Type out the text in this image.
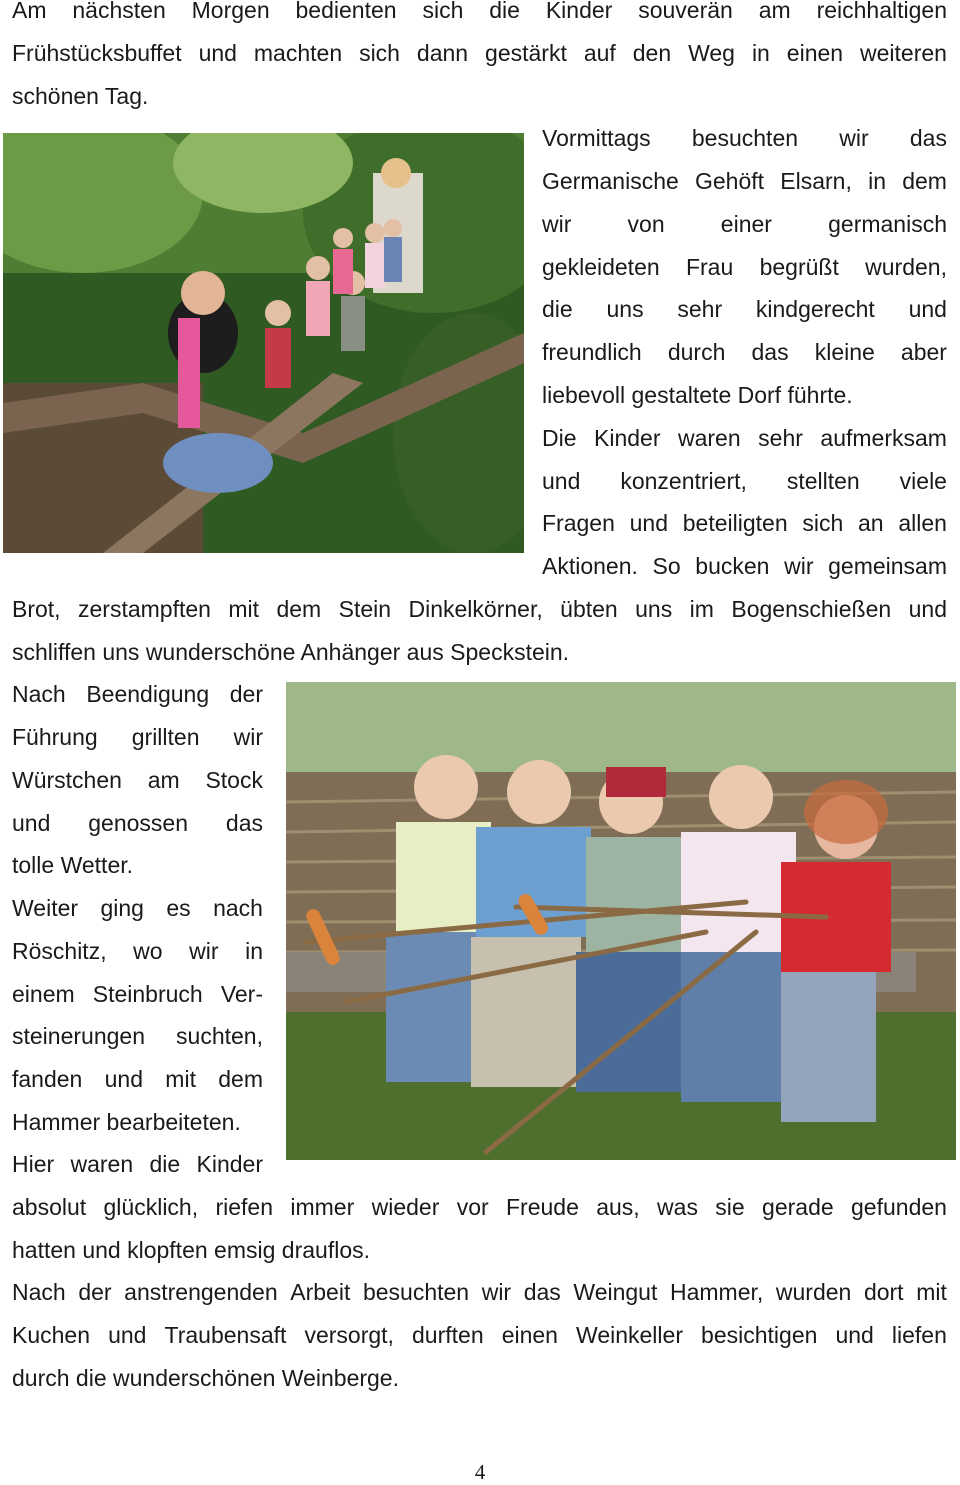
Am nächsten Morgen bedienten sich die Kinder souverän am reichhaltigen
Frühstücksbuffet und machten sich dann gestärkt auf den Weg in einen weiteren
schönen Tag.
Vormittags besuchten wir das
Germanische Gehöft Elsarn, in dem
wir von einer germanisch
gekleideten Frau begrüßt wurden,
die uns sehr kindgerecht und
freundlich durch das kleine aber
liebevoll gestaltete Dorf führte.
Die Kinder waren sehr aufmerksam
und konzentriert, stellten viele
Fragen und beteiligten sich an allen
Aktionen. So bucken wir gemeinsam
Brot, zerstampften mit dem Stein Dinkelkörner, übten uns im Bogenschießen und
schliffen uns wunderschöne Anhänger aus Speckstein.
Nach Beendigung der
Führung grillten wir
Würstchen am Stock
und genossen das
tolle Wetter.
Weiter ging es nach
Röschitz, wo wir in
einem Steinbruch Ver-
steinerungen suchten,
fanden und mit dem
Hammer bearbeiteten.
Hier waren die Kinder
absolut glücklich, riefen immer wieder vor Freude aus, was sie gerade gefunden
hatten und klopften emsig drauflos.
Nach der anstrengenden Arbeit besuchten wir das Weingut Hammer, wurden dort mit
Kuchen und Traubensaft versorgt, durften einen Weinkeller besichtigen und liefen
durch die wunderschönen Weinberge.
4
